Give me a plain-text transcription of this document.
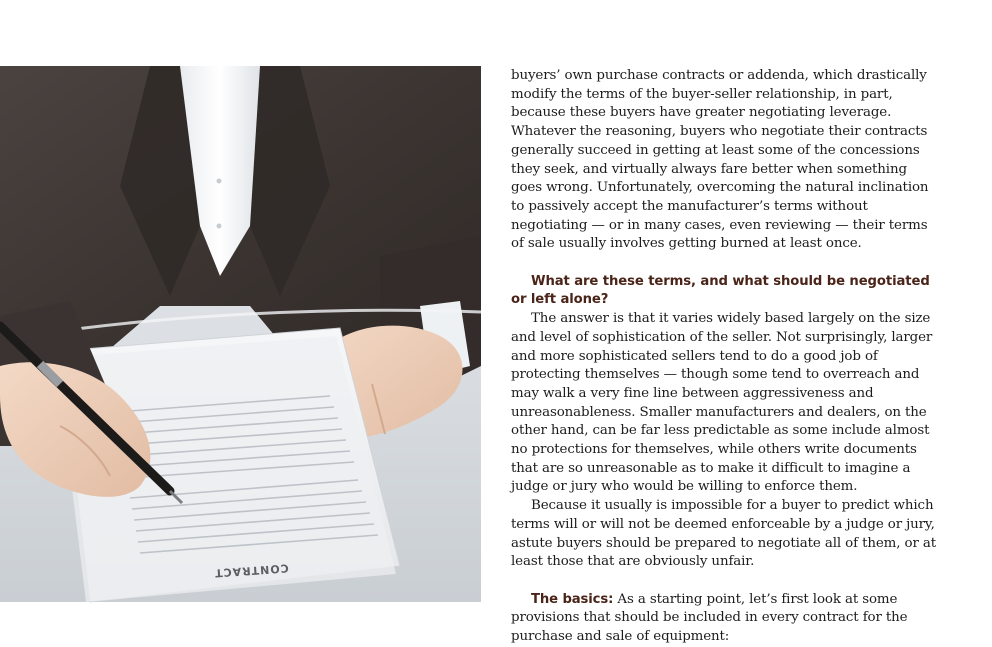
CONTRACT

buyers’ own purchase contracts or addenda, which drastically modify the terms of the buyer-seller relationship, in part, because these buyers have greater negotiating leverage. Whatever the reasoning, buyers who negotiate their contracts generally succeed in getting at least some of the concessions they seek, and virtually always fare better when something goes wrong. Unfortunately, overcoming the natural inclination to passively accept the manufacturer’s terms without negotiating — or in many cases, even reviewing — their terms of sale usually involves getting burned at least once.

What are these terms, and what should be negotiated or left alone?

The answer is that it varies widely based largely on the size and level of sophistication of the seller. Not surprisingly, larger and more sophisticated sellers tend to do a good job of protecting themselves — though some tend to overreach and may walk a very fine line between aggressiveness and unreasonableness. Smaller manufacturers and dealers, on the other hand, can be far less predictable as some include almost no protections for themselves, while others write documents that are so unreasonable as to make it difficult to imagine a judge or jury who would be willing to enforce them.

Because it usually is impossible for a buyer to predict which terms will or will not be deemed enforceable by a judge or jury, astute buyers should be prepared to negotiate all of them, or at least those that are obviously unfair.

The basics: As a starting point, let’s first look at some provisions that should be included in every contract for the purchase and sale of equipment:
